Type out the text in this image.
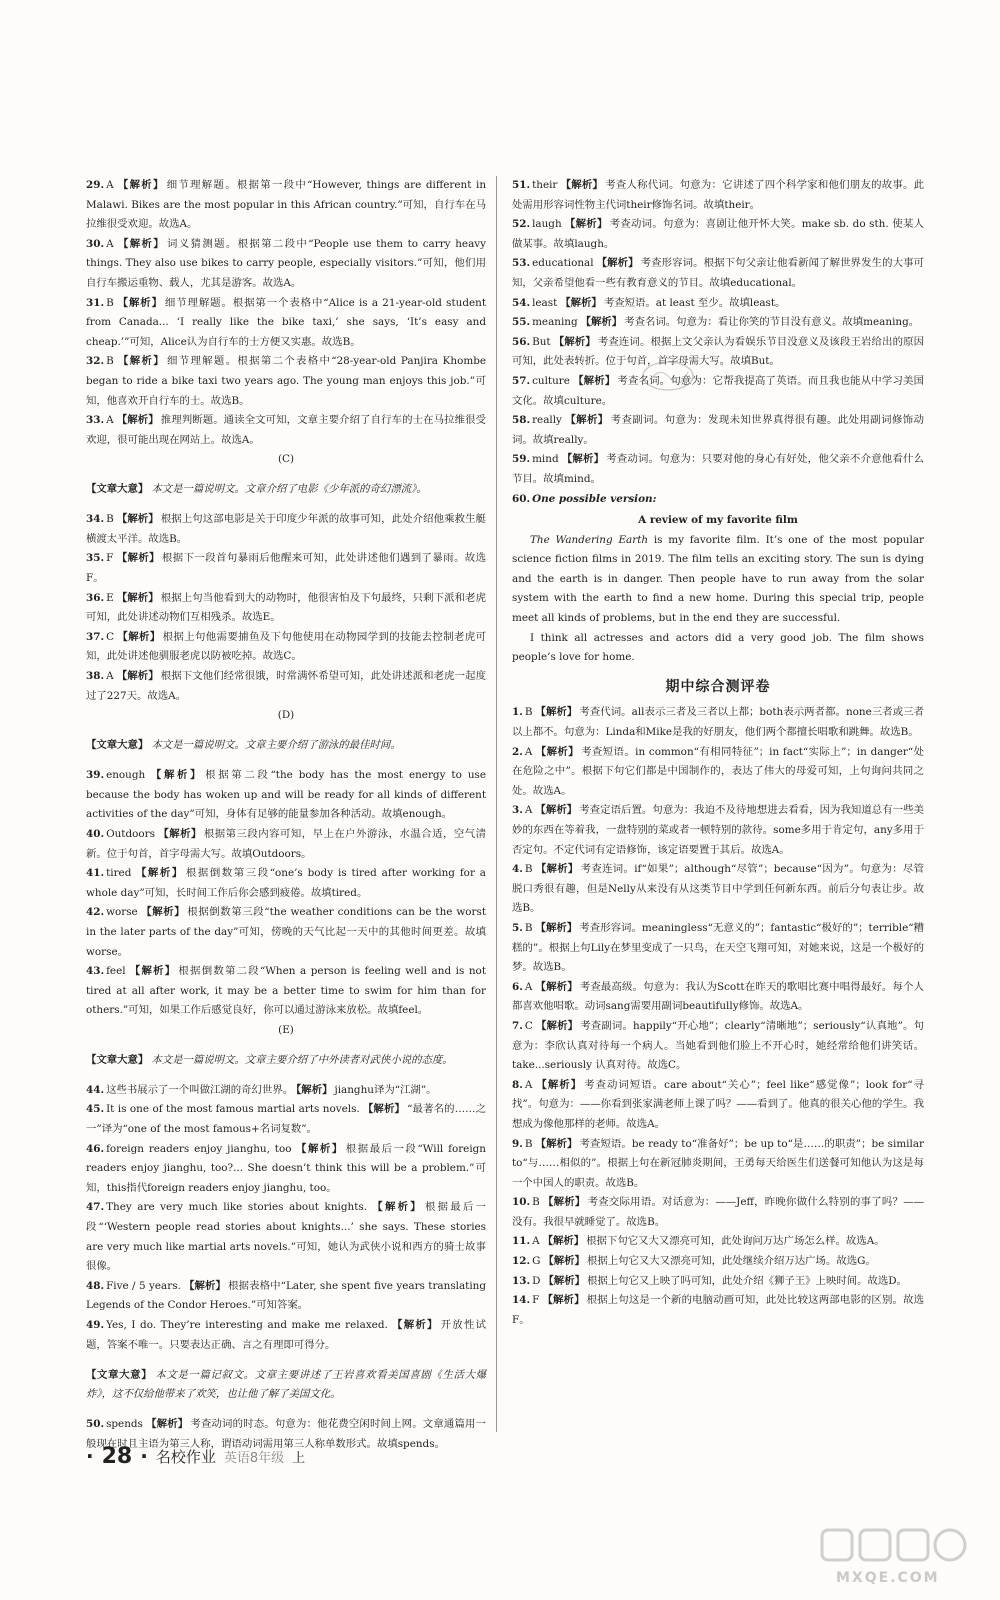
29. A 【解析】 细节理解题。根据第一段中“However, things are different in Malawi. Bikes are the most popular in this African country.”可知，自行车在马拉维很受欢迎。故选A。

30. A 【解析】 词义猜测题。根据第二段中“People use them to carry heavy things. They also use bikes to carry people, especially visitors.”可知，他们用自行车搬运重物、载人，尤其是游客。故选A。

31. B 【解析】 细节理解题。根据第一个表格中“Alice is a 21-year-old student from Canada... ‘I really like the bike taxi,’ she says, ‘It’s easy and cheap.’”可知，Alice认为自行车的士方便又实惠。故选B。

32. B 【解析】 细节理解题。根据第二个表格中“28-year-old Panjira Khombe began to ride a bike taxi two years ago. The young man enjoys this job.”可知，他喜欢开自行车的士。故选B。

33. A 【解析】 推理判断题。通读全文可知，文章主要介绍了自行车的士在马拉维很受欢迎，很可能出现在网站上。故选A。

(C)

【文章大意】 本文是一篇说明文。文章介绍了电影《少年派的奇幻漂流》。

34. B 【解析】 根据上句这部电影是关于印度少年派的故事可知，此处介绍他乘救生艇横渡太平洋。故选B。

35. F 【解析】 根据下一段首句暴雨后他醒来可知，此处讲述他们遇到了暴雨。故选F。

36. E 【解析】 根据上句当他看到大的动物时，他很害怕及下句最终，只剩下派和老虎可知，此处讲述动物们互相残杀。故选E。

37. C 【解析】 根据上句他需要捕鱼及下句他使用在动物园学到的技能去控制老虎可知，此处讲述他驯服老虎以防被吃掉。故选C。

38. A 【解析】 根据下文他们经常很饿，时常满怀希望可知，此处讲述派和老虎一起度过了227天。故选A。

(D)

【文章大意】 本文是一篇说明文。文章主要介绍了游泳的最佳时间。

39. enough 【解析】 根据第二段“the body has the most energy to use because the body has woken up and will be ready for all kinds of different activities of the day”可知，身体有足够的能量参加各种活动。故填enough。

40. Outdoors 【解析】 根据第三段内容可知，早上在户外游泳，水温合适，空气清新。位于句首，首字母需大写。故填Outdoors。

41. tired 【解析】 根据倒数第三段“one’s body is tired after working for a whole day”可知，长时间工作后你会感到疲倦。故填tired。

42. worse 【解析】 根据倒数第三段“the weather conditions can be the worst in the later parts of the day”可知，傍晚的天气比起一天中的其他时间更差。故填worse。

43. feel 【解析】 根据倒数第二段“When a person is feeling well and is not tired at all after work, it may be a better time to swim for him than for others.”可知，如果工作后感觉良好，你可以通过游泳来放松。故填feel。

(E)

【文章大意】 本文是一篇说明文。文章主要介绍了中外读者对武侠小说的态度。

44. 这些书展示了一个叫做江湖的奇幻世界。 【解析】 jianghu译为“江湖”。

45. It is one of the most famous martial arts novels. 【解析】 “最著名的……之一”译为“one of the most famous+名词复数”。

46. foreign readers enjoy jianghu, too 【解析】 根据最后一段“Will foreign readers enjoy jianghu, too?... She doesn’t think this will be a problem.”可知，this指代foreign readers enjoy jianghu, too。

47. They are very much like stories about knights. 【解析】 根据最后一段“‘Western people read stories about knights...’ she says. These stories are very much like martial arts novels.”可知，她认为武侠小说和西方的骑士故事很像。

48. Five / 5 years. 【解析】 根据表格中“Later, she spent five years translating Legends of the Condor Heroes.”可知答案。

49. Yes, I do. They’re interesting and make me relaxed. 【解析】 开放性试题，答案不唯一。只要表达正确、言之有理即可得分。

【文章大意】 本文是一篇记叙文。文章主要讲述了王岩喜欢看美国喜剧《生活大爆炸》，这不仅给他带来了欢笑，也让他了解了美国文化。

50. spends 【解析】 考查动词的时态。句意为：他花费空闲时间上网。文章通篇用一般现在时且主语为第三人称，谓语动词需用第三人称单数形式。故填spends。

51. their 【解析】 考查人称代词。句意为：它讲述了四个科学家和他们朋友的故事。此处需用形容词性物主代词their修饰名词。故填their。

52. laugh 【解析】 考查动词。句意为：喜剧让他开怀大笑。make sb. do sth. 使某人做某事。故填laugh。

53. educational 【解析】 考查形容词。根据下句父亲让他看新闻了解世界发生的大事可知，父亲希望他看一些有教育意义的节目。故填educational。

54. least 【解析】 考查短语。at least 至少。故填least。

55. meaning 【解析】 考查名词。句意为：看让你笑的节目没有意义。故填meaning。

56. But 【解析】 考查连词。根据上文父亲认为看娱乐节目没意义及该段王岩给出的原因可知，此处表转折。位于句首，首字母需大写。故填But。

57. culture 【解析】 考查名词。句意为：它帮我提高了英语。而且我也能从中学习美国文化。故填culture。

58. really 【解析】 考查副词。句意为：发现未知世界真得很有趣。此处用副词修饰动词。故填really。

59. mind 【解析】 考查动词。句意为：只要对他的身心有好处，他父亲不介意他看什么节目。故填mind。

60. One possible version:

A review of my favorite film

The Wandering Earth is my favorite film. It’s one of the most popular science fiction films in 2019. The film tells an exciting story. The sun is dying and the earth is in danger. Then people have to run away from the solar system with the earth to find a new home. During this special trip, people meet all kinds of problems, but in the end they are successful.

I think all actresses and actors did a very good job. The film shows people’s love for home.

期中综合测评卷

1. B 【解析】 考查代词。all表示三者及三者以上都；both表示两者都。none三者或三者以上都不。句意为：Linda和Mike是我的好朋友，他们两个都擅长唱歌和跳舞。故选B。

2. A 【解析】 考查短语。in common“有相同特征”；in fact“实际上”；in danger“处在危险之中”。根据下句它们都是中国制作的，表达了伟大的母爱可知，上句询问共同之处。故选A。

3. A 【解析】 考查定语后置。句意为：我迫不及待地想进去看看，因为我知道总有一些美妙的东西在等着我，一盘特别的菜或者一顿特别的款待。some多用于肯定句，any多用于否定句。不定代词有定语修饰，该定语要置于其后。故选A。

4. B 【解析】 考查连词。if“如果”；although“尽管”；because“因为”。句意为：尽管脱口秀很有趣，但是Nelly从来没有从这类节目中学到任何新东西。前后分句表让步。故选B。

5. B 【解析】 考查形容词。meaningless“无意义的”；fantastic“极好的”；terrible“糟糕的”。根据上句Lily在梦里变成了一只鸟，在天空飞翔可知，对她来说，这是一个极好的梦。故选B。

6. A 【解析】 考查最高级。句意为：我认为Scott在昨天的歌唱比赛中唱得最好。每个人都喜欢他唱歌。动词sang需要用副词beautifully修饰。故选A。

7. C 【解析】 考查副词。happily“开心地”；clearly“清晰地”；seriously“认真地”。句意为：李欣认真对待每一个病人。当她看到他们脸上不开心时，她经常给他们讲笑话。take...seriously 认真对待。故选C。

8. A 【解析】 考查动词短语。care about“关心”；feel like“感觉像”；look for“寻找”。句意为：——你看到张家满老师上课了吗？——看到了。他真的很关心他的学生。我想成为像他那样的老师。故选A。

9. B 【解析】 考查短语。be ready to“准备好”；be up to“是……的职责”；be similar to“与……相似的”。根据上句在新冠肺炎期间，王勇每天给医生们送餐可知他认为这是每一个中国人的职责。故选B。

10. B 【解析】 考查交际用语。对话意为：——Jeff，昨晚你做什么特别的事了吗？——没有。我很早就睡觉了。故选B。

11. A 【解析】 根据下句它又大又漂亮可知，此处询问万达广场怎么样。故选A。

12. G 【解析】 根据上句它又大又漂亮可知，此处继续介绍万达广场。故选G。

13. D 【解析】 根据上句它又上映了吗可知，此处介绍《狮子王》上映时间。故选D。

14. F 【解析】 根据上句这是一个新的电脑动画可知，此处比较这两部电影的区别。故选F。

· 28 · 名校作业 英语8年级 上
MXQE.COM
